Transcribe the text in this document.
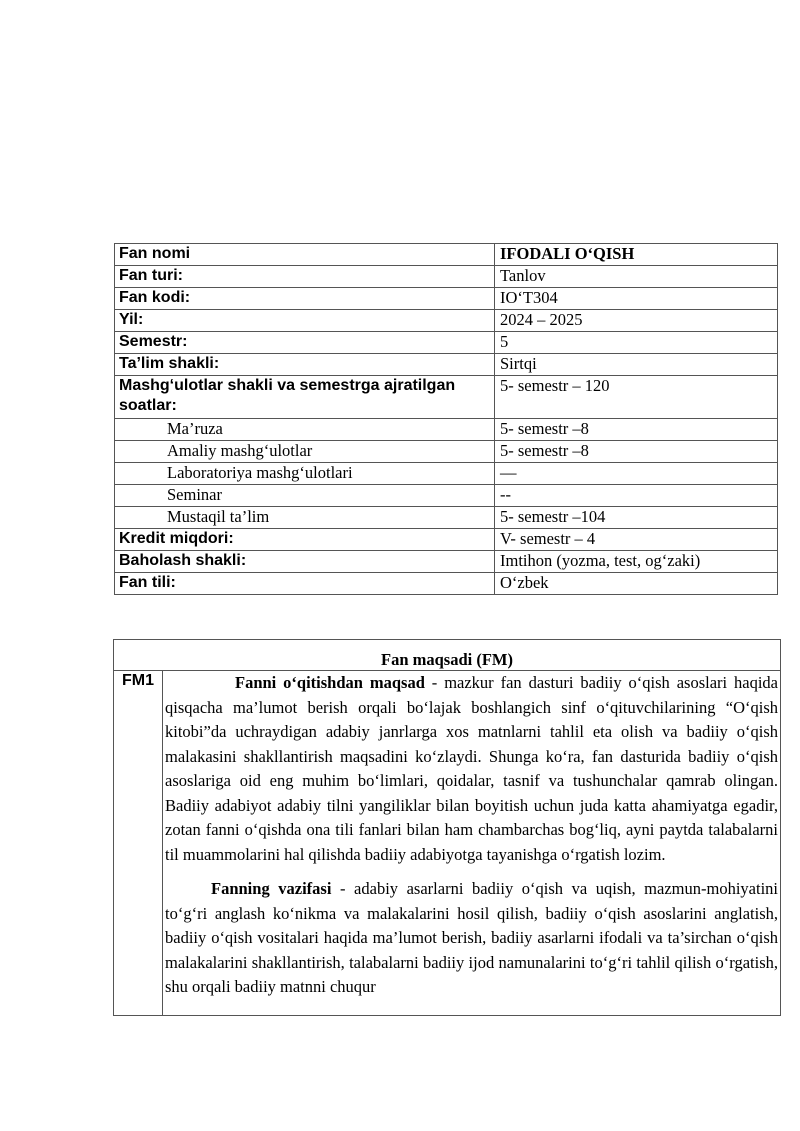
Fan nomi	IFODALI O‘QISH
Fan turi:	Tanlov
Fan kodi:	IO‘T304
Yil:	2024 – 2025
Semestr:	5
Ta’lim shakli:	Sirtqi
Mashg‘ulotlar shakli va semestrga ajratilgan soatlar:	5- semestr – 120
Ma’ruza	5- semestr –8
Amaliy mashg‘ulotlar	5- semestr –8
Laboratoriya mashg‘ulotlari	—
Seminar	--
Mustaqil ta’lim	5- semestr –104
Kredit miqdori:	V- semestr – 4
Baholash shakli:	Imtihon (yozma, test, og‘zaki)
Fan tili:	O‘zbek
Fan maqsadi (FM)
FM1	Fanni o‘qitishdan maqsad - mazkur fan dasturi badiiy o‘qish asoslari haqida qisqacha ma’lumot berish orqali bo‘lajak boshlangich sinf o‘qituvchilarining “O‘qish kitobi”da uchraydigan adabiy janrlarga xos matnlarni tahlil eta olish va badiiy o‘qish malakasini shakllantirish maqsadini ko‘zlaydi. Shunga ko‘ra, fan dasturida badiiy o‘qish asoslariga oid eng muhim bo‘limlari, qoidalar, tasnif va tushunchalar qamrab olingan. Badiiy adabiyot adabiy tilni yangiliklar bilan boyitish uchun juda katta ahamiyatga egadir, zotan fanni o‘qishda ona tili fanlari bilan ham chambarchas bog‘liq, ayni paytda talabalarni til muammolarini hal qilishda badiiy adabiyotga tayanishga o‘rgatish lozim.

Fanning vazifasi - adabiy asarlarni badiiy o‘qish va uqish, mazmun-mohiyatini to‘g‘ri anglash ko‘nikma va malakalarini hosil qilish, badiiy o‘qish asoslarini anglatish, badiiy o‘qish vositalari haqida ma’lumot berish, badiiy asarlarni ifodali va ta’sirchan o‘qish malakalarini shakllantirish, talabalarni badiiy ijod namunalarini to‘g‘ri tahlil qilish o‘rgatish, shu orqali badiiy matnni chuqur
